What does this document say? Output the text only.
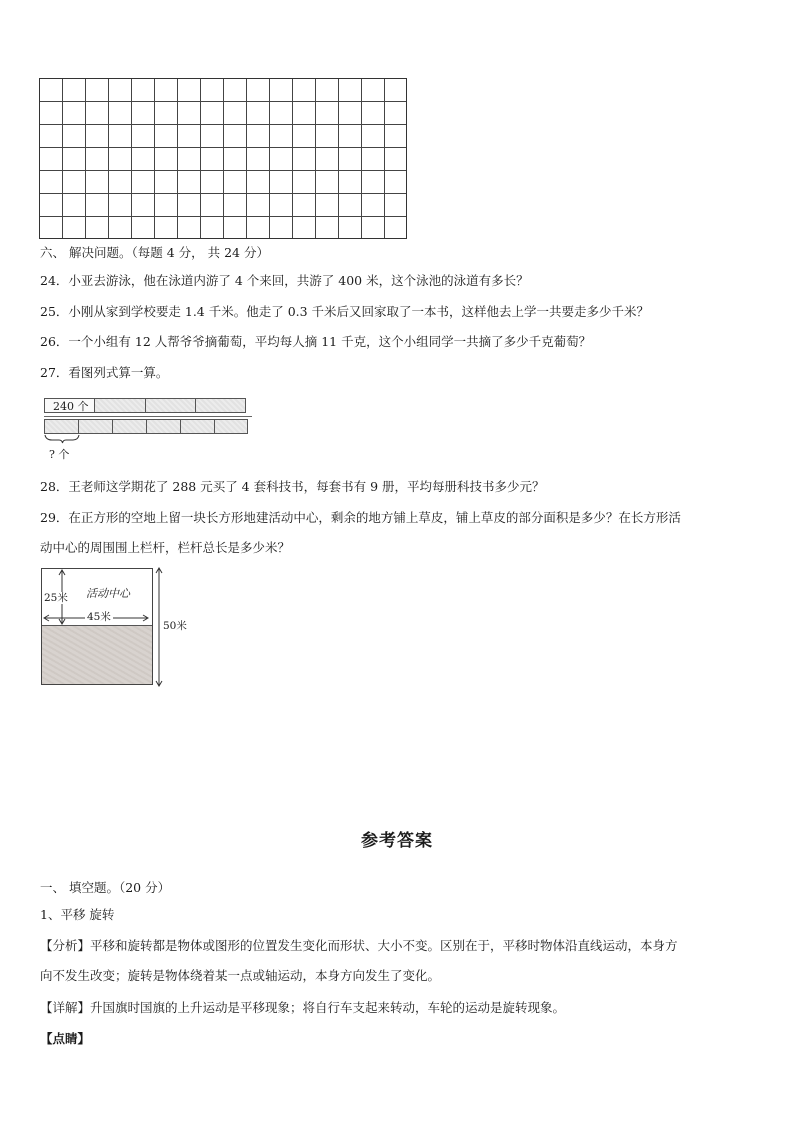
六、 解决问题。（每题 4 分， 共 24 分）
24．小亚去游泳，他在泳道内游了 4 个来回，共游了 400 米，这个泳池的泳道有多长？
25．小刚从家到学校要走 1.4 千米。他走了 0.3 千米后又回家取了一本书，这样他去上学一共要走多少千米？
26．一个小组有 12 人帮爷爷摘葡萄，平均每人摘 11 千克，这个小组同学一共摘了多少千克葡萄？
27．看图列式算一算。
240 个
? 个
28．王老师这学期花了 288 元买了 4 套科技书，每套书有 9 册，平均每册科技书多少元？
29．在正方形的空地上留一块长方形地建活动中心，剩余的地方铺上草皮，铺上草皮的部分面积是多少？在长方形活
动中心的周围围上栏杆，栏杆总长是多少米？
活动中心
25米
45米
50米
参考答案
一、 填空题。（20 分）
1、平移 旋转
【分析】平移和旋转都是物体或图形的位置发生变化而形状、大小不变。区别在于，平移时物体沿直线运动，本身方
向不发生改变；旋转是物体绕着某一点或轴运动，本身方向发生了变化。
【详解】升国旗时国旗的上升运动是平移现象；将自行车支起来转动，车轮的运动是旋转现象。
【点睛】
